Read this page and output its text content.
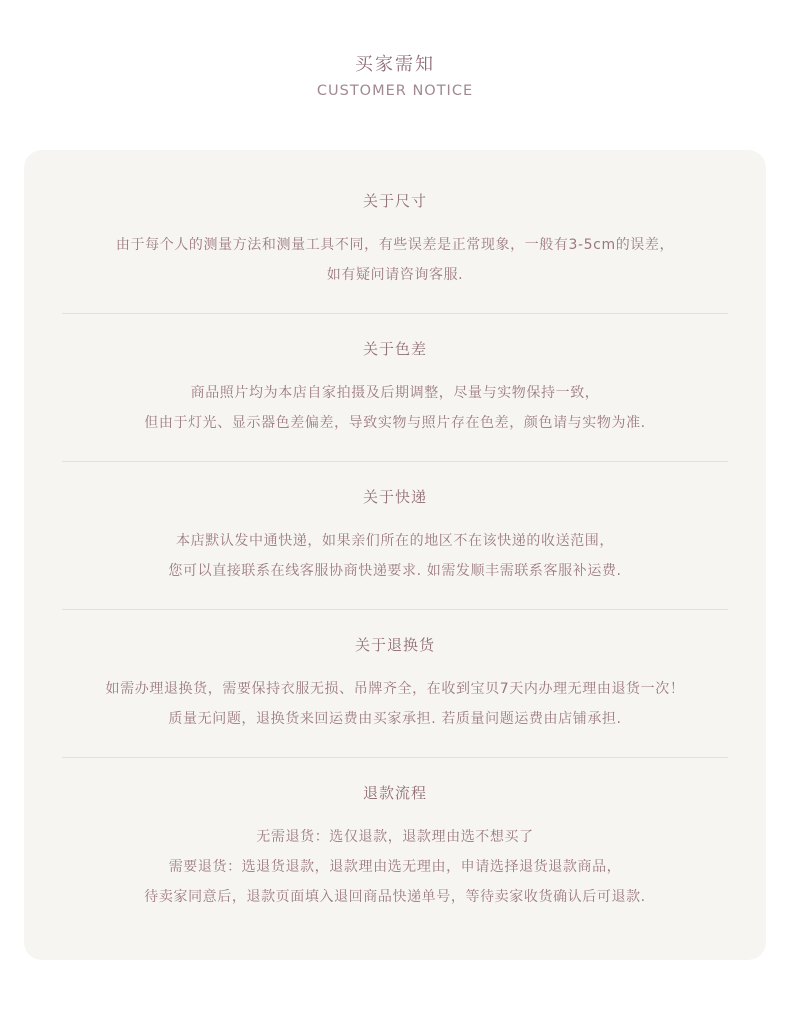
买家需知
CUSTOMER NOTICE
关于尺寸
由于每个人的测量方法和测量工具不同，有些误差是正常现象，一般有3-5cm的误差，
如有疑问请咨询客服.
关于色差
商品照片均为本店自家拍摄及后期调整，尽量与实物保持一致，
但由于灯光、显示器色差偏差，导致实物与照片存在色差，颜色请与实物为准.
关于快递
本店默认发中通快递，如果亲们所在的地区不在该快递的收送范围，
您可以直接联系在线客服协商快递要求. 如需发顺丰需联系客服补运费.
关于退换货
如需办理退换货，需要保持衣服无损、吊牌齐全，在收到宝贝7天内办理无理由退货一次！
质量无问题，退换货来回运费由买家承担. 若质量问题运费由店铺承担.
退款流程
无需退货：选仅退款，退款理由选不想买了
需要退货：选退货退款，退款理由选无理由，申请选择退货退款商品，
待卖家同意后，退款页面填入退回商品快递单号，等待卖家收货确认后可退款.
